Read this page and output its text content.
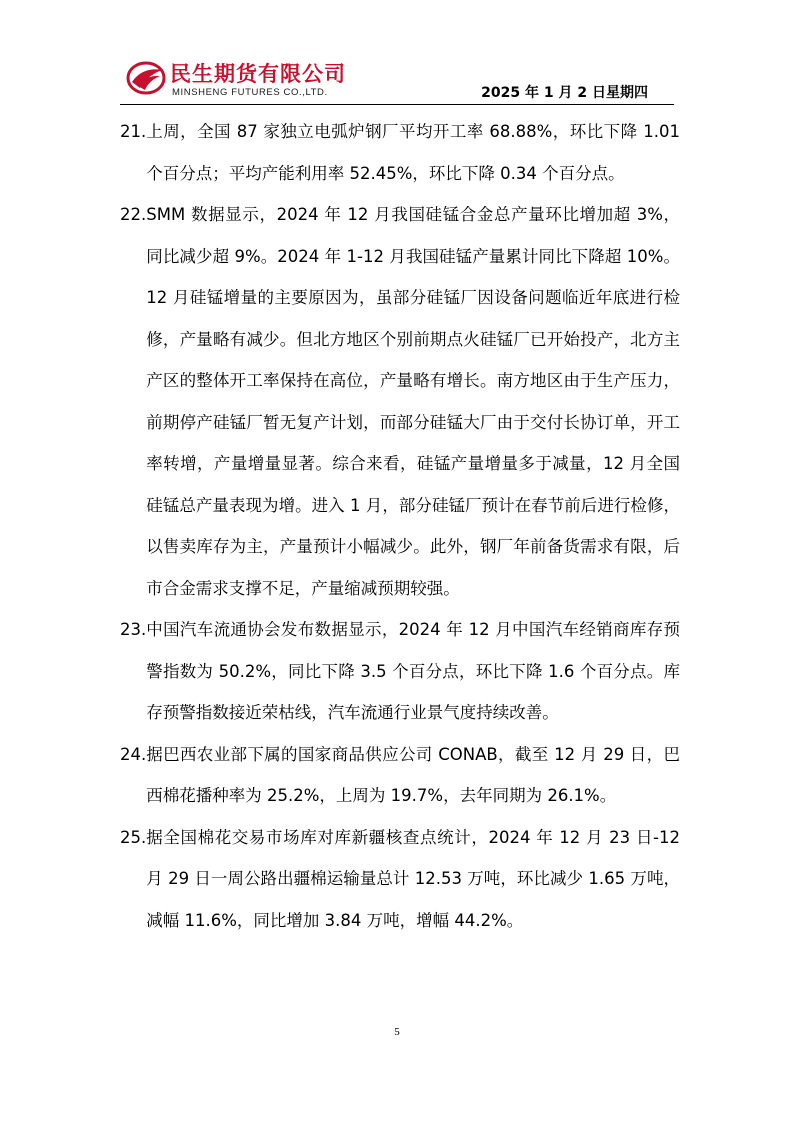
民生期货有限公司
MINSHENG FUTURES CO.,LTD.	2025 年 1 月 2 日星期四
21. 上周，全国 87 家独立电弧炉钢厂平均开工率 68.88%，环比下降 1.01 个百分点；平均产能利用率 52.45%，环比下降 0.34 个百分点。
22. SMM 数据显示，2024 年 12 月我国硅锰合金总产量环比增加超 3%，同比减少超 9%。2024 年 1-12 月我国硅锰产量累计同比下降超 10%。12 月硅锰增量的主要原因为，虽部分硅锰厂因设备问题临近年底进行检修，产量略有减少。但北方地区个别前期点火硅锰厂已开始投产，北方主产区的整体开工率保持在高位，产量略有增长。南方地区由于生产压力，前期停产硅锰厂暂无复产计划，而部分硅锰大厂由于交付长协订单，开工率转增，产量增量显著。综合来看，硅锰产量增量多于减量，12 月全国硅锰总产量表现为增。进入 1 月，部分硅锰厂预计在春节前后进行检修，以售卖库存为主，产量预计小幅减少。此外，钢厂年前备货需求有限，后市合金需求支撑不足，产量缩减预期较强。
23. 中国汽车流通协会发布数据显示，2024 年 12 月中国汽车经销商库存预警指数为 50.2%，同比下降 3.5 个百分点，环比下降 1.6 个百分点。库存预警指数接近荣枯线，汽车流通行业景气度持续改善。
24. 据巴西农业部下属的国家商品供应公司 CONAB，截至 12 月 29 日，巴西棉花播种率为 25.2%，上周为 19.7%，去年同期为 26.1%。
25. 据全国棉花交易市场库对库新疆核查点统计，2024 年 12 月 23 日-12 月 29 日一周公路出疆棉运输量总计 12.53 万吨，环比减少 1.65 万吨，减幅 11.6%，同比增加 3.84 万吨，增幅 44.2%。
5
